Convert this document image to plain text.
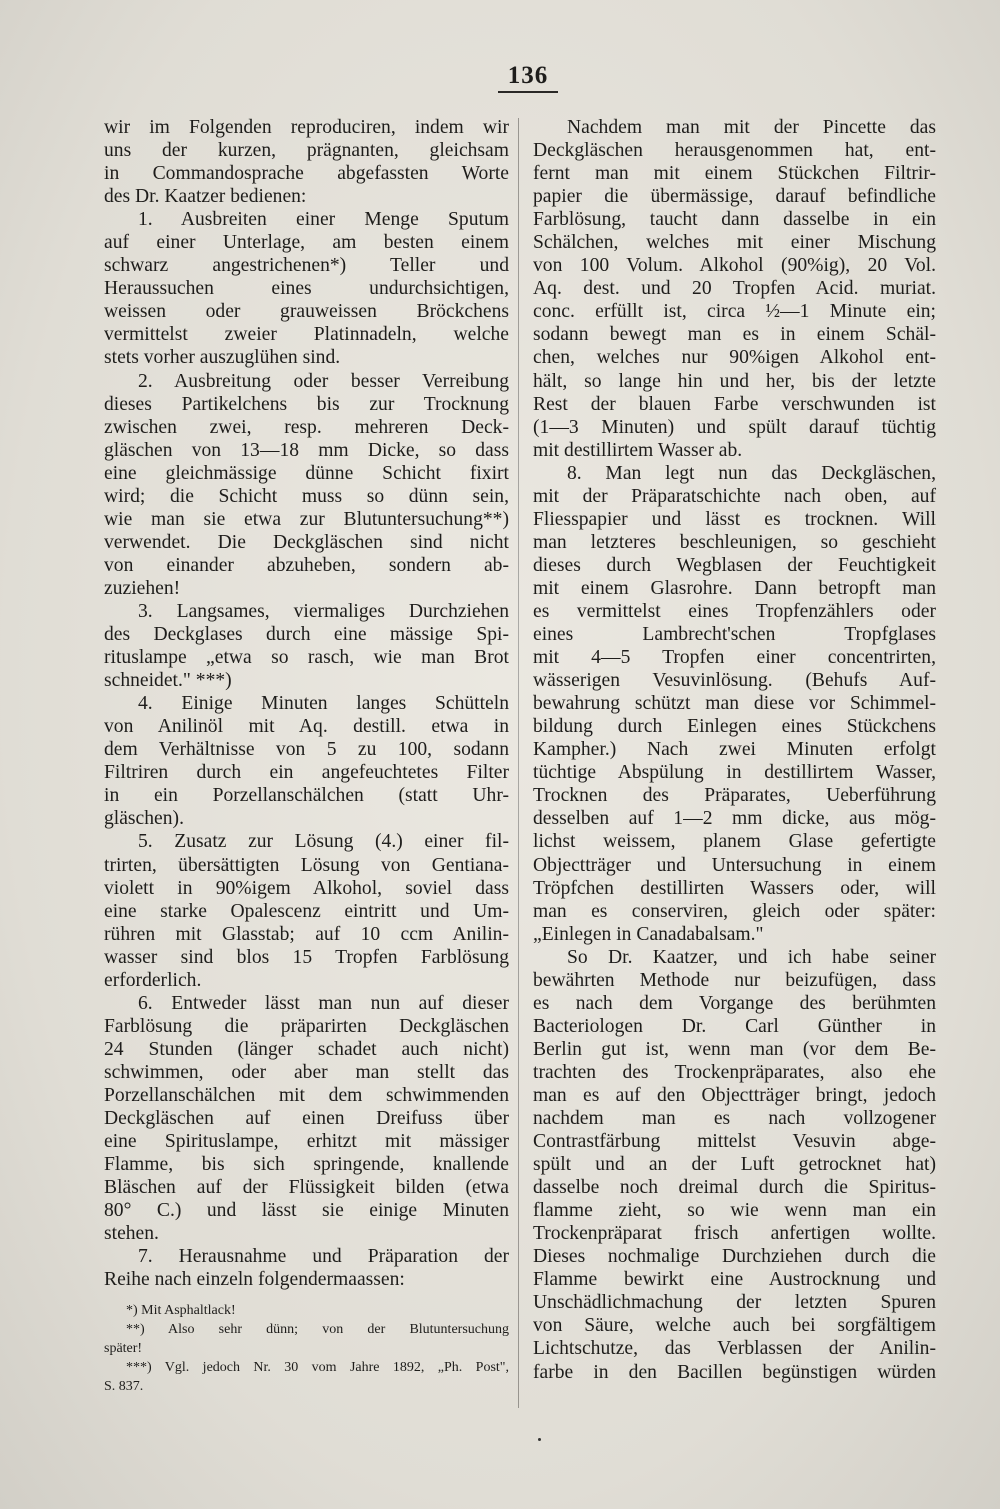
136
wir im Folgenden reproduciren, indem wir
uns der kurzen, prägnanten, gleichsam
in Commandosprache abgefassten Worte
des Dr. Kaatzer bedienen:
1. Ausbreiten einer Menge Sputum
auf einer Unterlage, am besten einem
schwarz angestrichenen*) Teller und
Heraussuchen eines undurchsichtigen,
weissen oder grauweissen Bröckchens
vermittelst zweier Platinnadeln, welche
stets vorher auszuglühen sind.
2. Ausbreitung oder besser Verreibung
dieses Partikelchens bis zur Trocknung
zwischen zwei, resp. mehreren Deck-
gläschen von 13—18 mm Dicke, so dass
eine gleichmässige dünne Schicht fixirt
wird; die Schicht muss so dünn sein,
wie man sie etwa zur Blutuntersuchung**)
verwendet. Die Deckgläschen sind nicht
von einander abzuheben, sondern ab-
zuziehen!
3. Langsames, viermaliges Durchziehen
des Deckglases durch eine mässige Spi-
rituslampe „etwa so rasch, wie man Brot
schneidet." ***)
4. Einige Minuten langes Schütteln
von Anilinöl mit Aq. destill. etwa in
dem Verhältnisse von 5 zu 100, sodann
Filtriren durch ein angefeuchtetes Filter
in ein Porzellanschälchen (statt Uhr-
gläschen).
5. Zusatz zur Lösung (4.) einer fil-
trirten, übersättigten Lösung von Gentiana-
violett in 90%igem Alkohol, soviel dass
eine starke Opalescenz eintritt und Um-
rühren mit Glasstab; auf 10 ccm Anilin-
wasser sind blos 15 Tropfen Farblösung
erforderlich.
6. Entweder lässt man nun auf dieser
Farblösung die präparirten Deckgläschen
24 Stunden (länger schadet auch nicht)
schwimmen, oder aber man stellt das
Porzellanschälchen mit dem schwimmenden
Deckgläschen auf einen Dreifuss über
eine Spirituslampe, erhitzt mit mässiger
Flamme, bis sich springende, knallende
Bläschen auf der Flüssigkeit bilden (etwa
80° C.) und lässt sie einige Minuten
stehen.
7. Herausnahme und Präparation der
Reihe nach einzeln folgendermaassen:
*) Mit Asphaltlack!
**) Also sehr dünn; von der Blutuntersuchung
später!
***) Vgl. jedoch Nr. 30 vom Jahre 1892, „Ph. Post",
S. 837.
Nachdem man mit der Pincette das
Deckgläschen herausgenommen hat, ent-
fernt man mit einem Stückchen Filtrir-
papier die übermässige, darauf befindliche
Farblösung, taucht dann dasselbe in ein
Schälchen, welches mit einer Mischung
von 100 Volum. Alkohol (90%ig), 20 Vol.
Aq. dest. und 20 Tropfen Acid. muriat.
conc. erfüllt ist, circa ½—1 Minute ein;
sodann bewegt man es in einem Schäl-
chen, welches nur 90%igen Alkohol ent-
hält, so lange hin und her, bis der letzte
Rest der blauen Farbe verschwunden ist
(1—3 Minuten) und spült darauf tüchtig
mit destillirtem Wasser ab.
8. Man legt nun das Deckgläschen,
mit der Präparatschichte nach oben, auf
Fliesspapier und lässt es trocknen. Will
man letzteres beschleunigen, so geschieht
dieses durch Wegblasen der Feuchtigkeit
mit einem Glasrohre. Dann betropft man
es vermittelst eines Tropfenzählers oder
eines Lambrecht'schen Tropfglases
mit 4—5 Tropfen einer concentrirten,
wässerigen Vesuvinlösung. (Behufs Auf-
bewahrung schützt man diese vor Schimmel-
bildung durch Einlegen eines Stückchens
Kampher.) Nach zwei Minuten erfolgt
tüchtige Abspülung in destillirtem Wasser,
Trocknen des Präparates, Ueberführung
desselben auf 1—2 mm dicke, aus mög-
lichst weissem, planem Glase gefertigte
Objectträger und Untersuchung in einem
Tröpfchen destillirten Wassers oder, will
man es conserviren, gleich oder später:
„Einlegen in Canadabalsam."
So Dr. Kaatzer, und ich habe seiner
bewährten Methode nur beizufügen, dass
es nach dem Vorgange des berühmten
Bacteriologen Dr. Carl Günther in
Berlin gut ist, wenn man (vor dem Be-
trachten des Trockenpräparates, also ehe
man es auf den Objectträger bringt, jedoch
nachdem man es nach vollzogener
Contrastfärbung mittelst Vesuvin abge-
spült und an der Luft getrocknet hat)
dasselbe noch dreimal durch die Spiritus-
flamme zieht, so wie wenn man ein
Trockenpräparat frisch anfertigen wollte.
Dieses nochmalige Durchziehen durch die
Flamme bewirkt eine Austrocknung und
Unschädlichmachung der letzten Spuren
von Säure, welche auch bei sorgfältigem
Lichtschutze, das Verblassen der Anilin-
farbe in den Bacillen begünstigen würden
